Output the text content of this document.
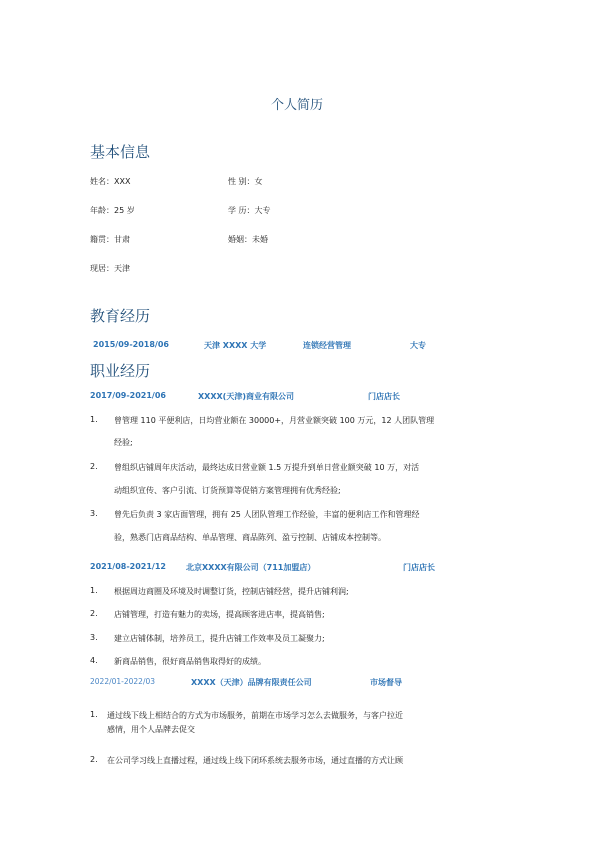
个人简历
基本信息
姓名：XXX	性 别：女
年龄：25 岁	学 历：大专
籍贯：甘肃	婚姻：未婚
现居：天津
教育经历
2015/09-2018/06	天津 XXXX 大学	连锁经营管理	大专
职业经历
2017/09-2021/06	XXXX(天津)商业有限公司	门店店长
1. 曾管理 110 平便利店，日均营业额在 30000+，月营业额突破 100 万元，12 人团队管理
经验;
2. 曾组织店铺周年庆活动，最终达成日营业额 1.5 万提升到单日营业额突破 10 万，对活
动组织宣传、客户引流、订货预算等促销方案管理拥有优秀经验;
3. 曾先后负责 3 家店面管理，拥有 25 人团队管理工作经验，丰富的便利店工作和管理经
验，熟悉门店商品结构、单品管理、商品陈列、盈亏控制、店铺成本控制等。
2021/08-2021/12	北京XXXX有限公司（711加盟店）	门店店长
1. 根据周边商圈及环境及时调整订货，控制店铺经营，提升店铺利润;
2. 店铺管理，打造有魅力的卖场，提高顾客进店率，提高销售;
3. 建立店铺体制，培养员工，提升店铺工作效率及员工凝聚力;
4. 新商品销售，很好商品销售取得好的成绩。
2022/01-2022/03	XXXX（天津）品牌有限责任公司	市场督导
1. 通过线下线上相结合的方式为市场服务，前期在市场学习怎么去做服务，与客户拉近
感情，用个人品牌去促交
2. 在公司学习线上直播过程，通过线上线下闭环系统去服务市场，通过直播的方式让顾
